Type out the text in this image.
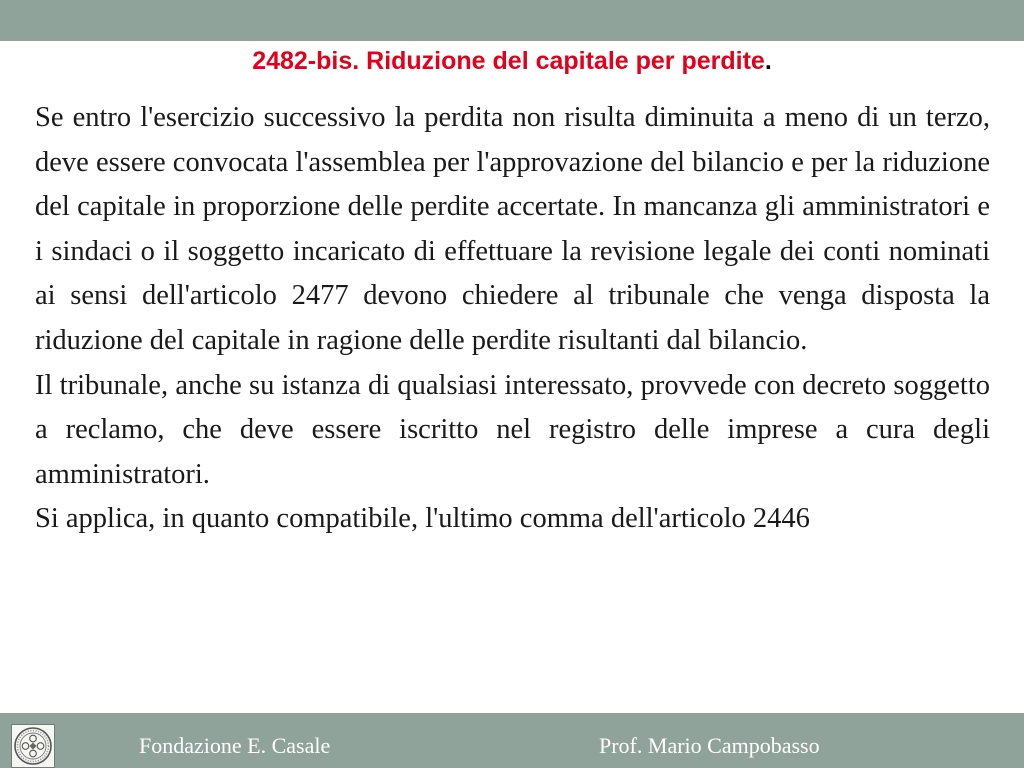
2482-bis. Riduzione del capitale per perdite.

Se entro l'esercizio successivo la perdita non risulta diminuita a meno di un terzo, deve essere convocata l'assemblea per l'approvazione del bilancio e per la riduzione del capitale in proporzione delle perdite accertate. In mancanza gli amministratori e i sindaci o il soggetto incaricato di effettuare la revisione legale dei conti nominati ai sensi dell'articolo 2477 devono chiedere al tribunale che venga disposta la riduzione del capitale in ragione delle perdite risultanti dal bilancio.

Il tribunale, anche su istanza di qualsiasi interessato, provvede con decreto soggetto a reclamo, che deve essere iscritto nel registro delle imprese a cura degli amministratori.

Si applica, in quanto compatibile, l'ultimo comma dell'articolo 2446

Fondazione E. Casale	Prof. Mario Campobasso
